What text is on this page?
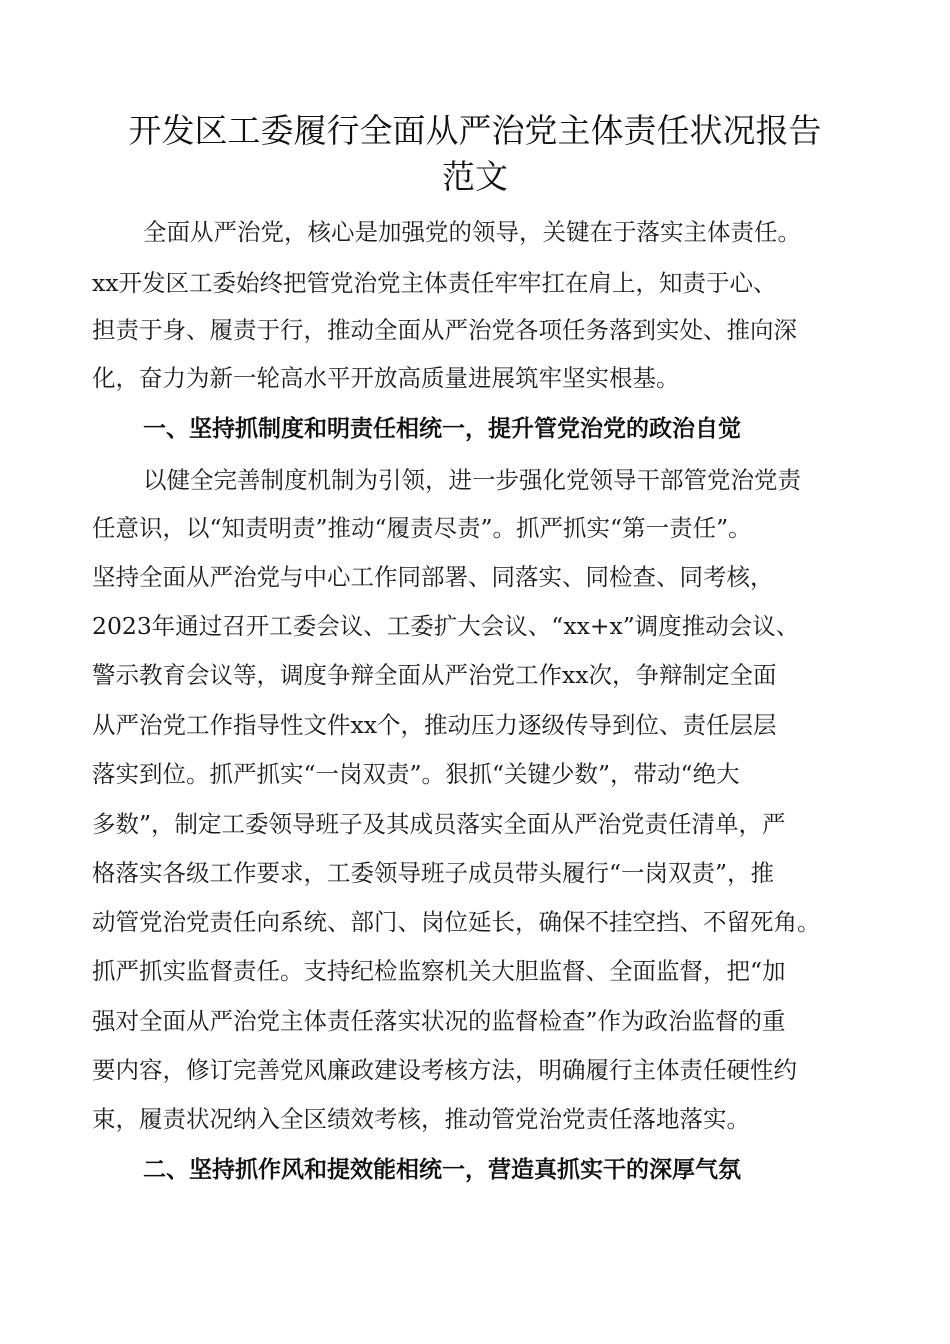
开发区工委履行全面从严治党主体责任状况报告
范文
全面从严治党，核心是加强党的领导，关键在于落实主体责任。
xx开发区工委始终把管党治党主体责任牢牢扛在肩上，知责于心、
担责于身、履责于行，推动全面从严治党各项任务落到实处、推向深
化，奋力为新一轮高水平开放高质量进展筑牢坚实根基。
一、坚持抓制度和明责任相统一，提升管党治党的政治自觉
以健全完善制度机制为引领，进一步强化党领导干部管党治党责
任意识，以“知责明责”推动“履责尽责”。抓严抓实“第一责任”。
坚持全面从严治党与中心工作同部署、同落实、同检查、同考核，
2023年通过召开工委会议、工委扩大会议、“xx+x”调度推动会议、
警示教育会议等，调度争辩全面从严治党工作xx次，争辩制定全面
从严治党工作指导性文件xx个，推动压力逐级传导到位、责任层层
落实到位。抓严抓实“一岗双责”。狠抓“关键少数”，带动“绝大
多数”，制定工委领导班子及其成员落实全面从严治党责任清单，严
格落实各级工作要求，工委领导班子成员带头履行“一岗双责”，推
动管党治党责任向系统、部门、岗位延长，确保不挂空挡、不留死角。
抓严抓实监督责任。支持纪检监察机关大胆监督、全面监督，把“加
强对全面从严治党主体责任落实状况的监督检查”作为政治监督的重
要内容，修订完善党风廉政建设考核方法，明确履行主体责任硬性约
束，履责状况纳入全区绩效考核，推动管党治党责任落地落实。
二、坚持抓作风和提效能相统一，营造真抓实干的深厚气氛
